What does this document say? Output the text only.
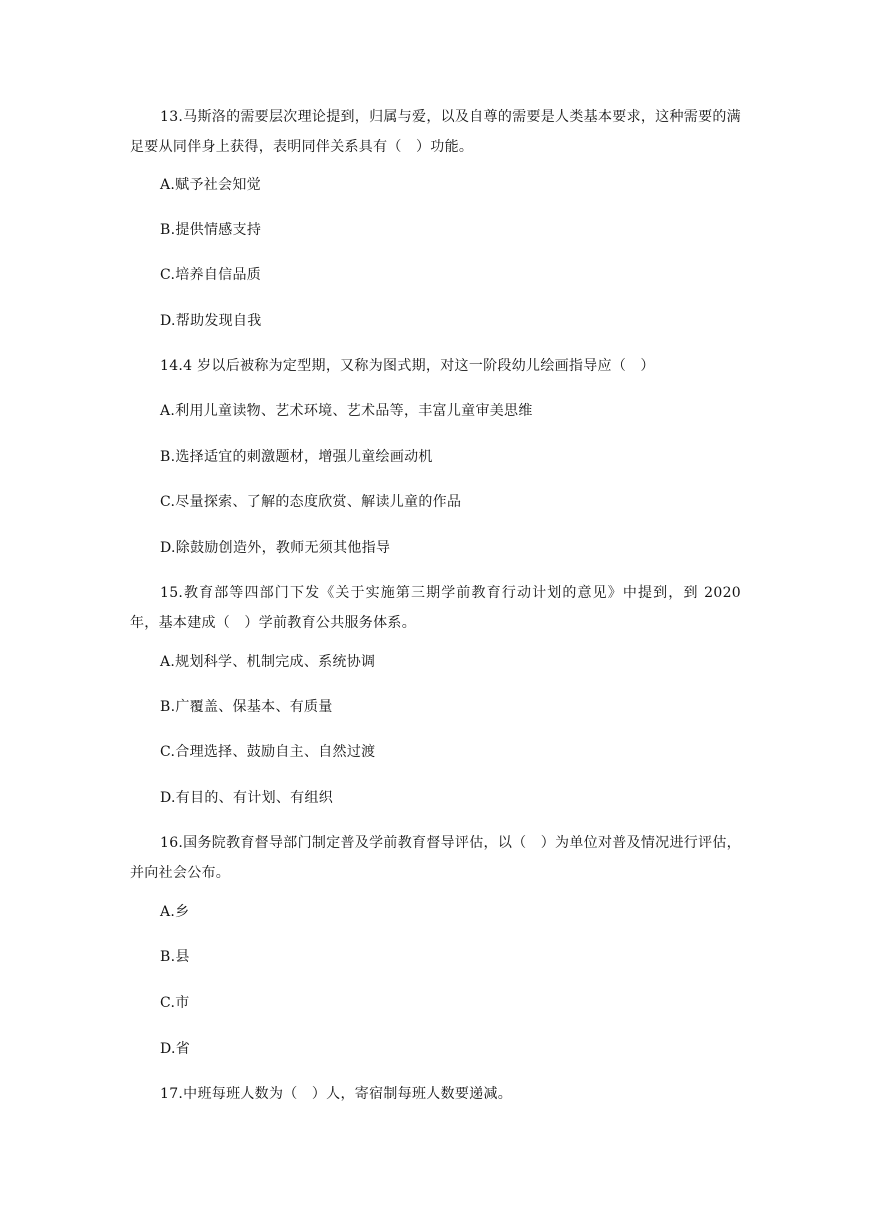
13.马斯洛的需要层次理论提到，归属与爱，以及自尊的需要是人类基本要求，这种需要的满足要从同伴身上获得，表明同伴关系具有（　）功能。

A.赋予社会知觉
B.提供情感支持
C.培养自信品质
D.帮助发现自我

14.4 岁以后被称为定型期，又称为图式期，对这一阶段幼儿绘画指导应（　）

A.利用儿童读物、艺术环境、艺术品等，丰富儿童审美思维
B.选择适宜的刺激题材，增强儿童绘画动机
C.尽量探索、了解的态度欣赏、解读儿童的作品
D.除鼓励创造外，教师无须其他指导

15.教育部等四部门下发《关于实施第三期学前教育行动计划的意见》中提到，到 2020 年，基本建成（　）学前教育公共服务体系。

A.规划科学、机制完成、系统协调
B.广覆盖、保基本、有质量
C.合理选择、鼓励自主、自然过渡
D.有目的、有计划、有组织

16.国务院教育督导部门制定普及学前教育督导评估，以（　）为单位对普及情况进行评估，并向社会公布。

A.乡
B.县
C.市
D.省

17.中班每班人数为（　）人，寄宿制每班人数要递减。
